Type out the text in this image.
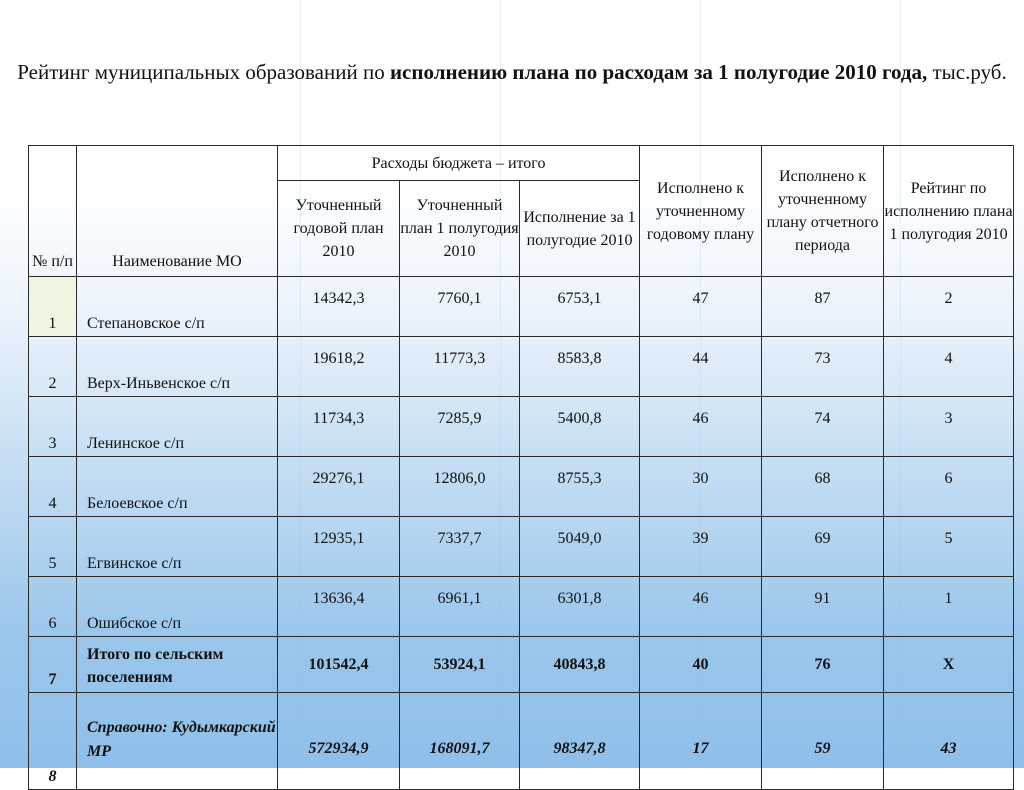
Рейтинг муниципальных образований по исполнению плана по расходам за 1 полугодие 2010 года, тыс.руб.
№ п/п	Наименование МО	Расходы бюджета – итого			Исполнено к уточненному годовому плану	Исполнено к уточненному плану отчетного периода	Рейтинг по исполнению плана 1 полугодия 2010
		Уточненный годовой план 2010	Уточненный план 1 полугодия 2010	Исполнение за 1 полугодие 2010			
1	Степановское с/п	14342,3	7760,1	6753,1	47	87	2
2	Верх-Иньвенское с/п	19618,2	11773,3	8583,8	44	73	4
3	Ленинское с/п	11734,3	7285,9	5400,8	46	74	3
4	Белоевское с/п	29276,1	12806,0	8755,3	30	68	6
5	Егвинское с/п	12935,1	7337,7	5049,0	39	69	5
6	Ошибское с/п	13636,4	6961,1	6301,8	46	91	1
7	Итого по сельским поселениям	101542,4	53924,1	40843,8	40	76	Х
8	Справочно: Кудымкарский МР	572934,9	168091,7	98347,8	17	59	43
